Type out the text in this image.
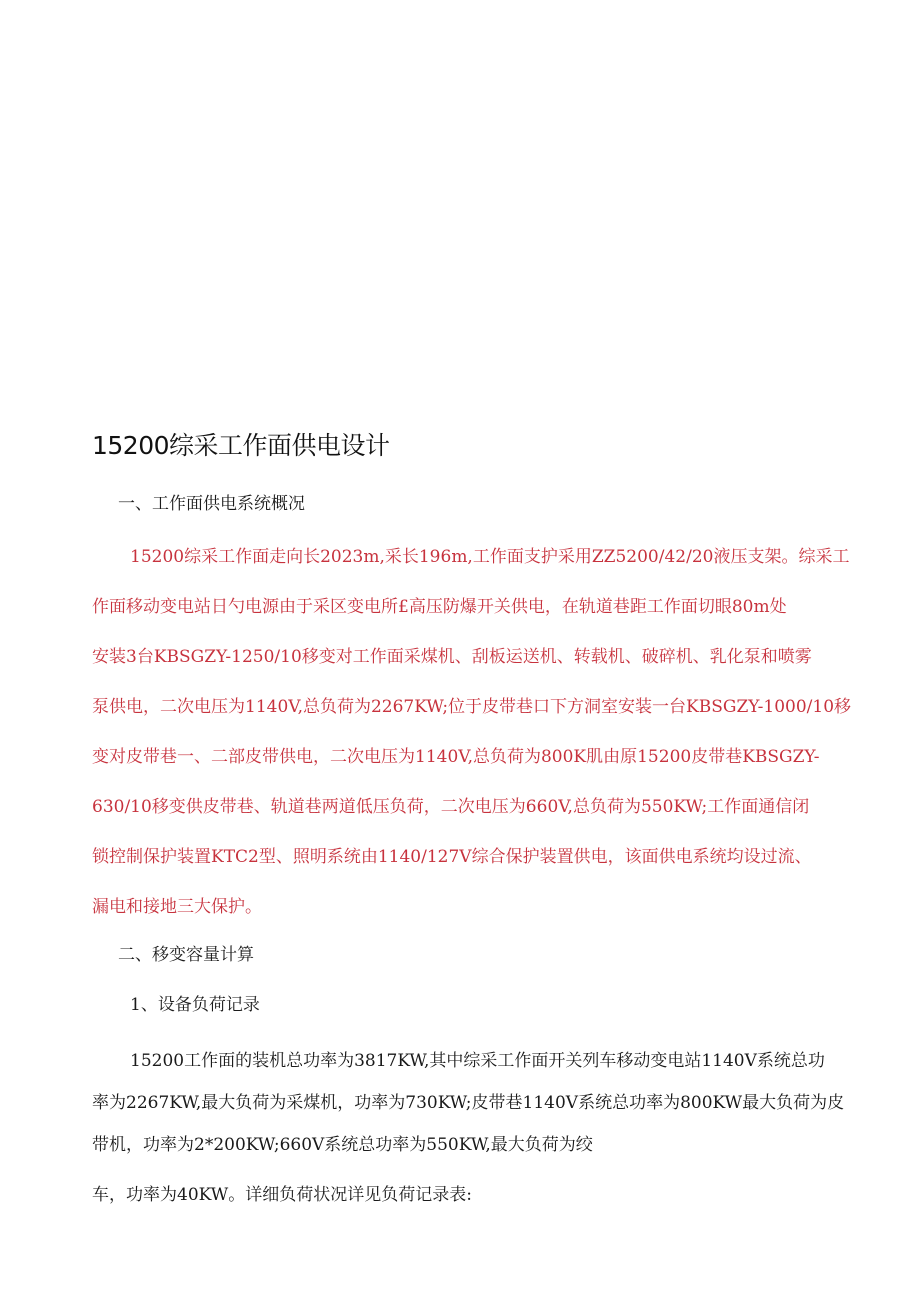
15200综采工作面供电设计
一、工作面供电系统概况
15200综采工作面走向长2023m,采长196m,工作面支护采用ZZ5200/42/20液压支架。综采工
作面移动变电站日勺电源由于采区变电所£高压防爆开关供电，在轨道巷距工作面切眼80m处
安装3台KBSGZY-1250/10移变对工作面采煤机、刮板运送机、转载机、破碎机、乳化泵和喷雾
泵供电，二次电压为1140V,总负荷为2267KW;位于皮带巷口下方洞室安装一台KBSGZY-1000/10移
变对皮带巷一、二部皮带供电，二次电压为1140V,总负荷为800K肌由原15200皮带巷KBSGZY-
630/10移变供皮带巷、轨道巷两道低压负荷，二次电压为660V,总负荷为550KW;工作面通信闭
锁控制保护装置KTC2型、照明系统由1140/127V综合保护装置供电，该面供电系统均设过流、
漏电和接地三大保护。
二、移变容量计算
1、设备负荷记录
15200工作面的装机总功率为3817KW,其中综采工作面开关列车移动变电站1140V系统总功
率为2267KW,最大负荷为采煤机，功率为730KW;皮带巷1140V系统总功率为800KW最大负荷为皮
带机，功率为2*200KW;660V系统总功率为550KW,最大负荷为绞
车，功率为40KW。详细负荷状况详见负荷记录表:
